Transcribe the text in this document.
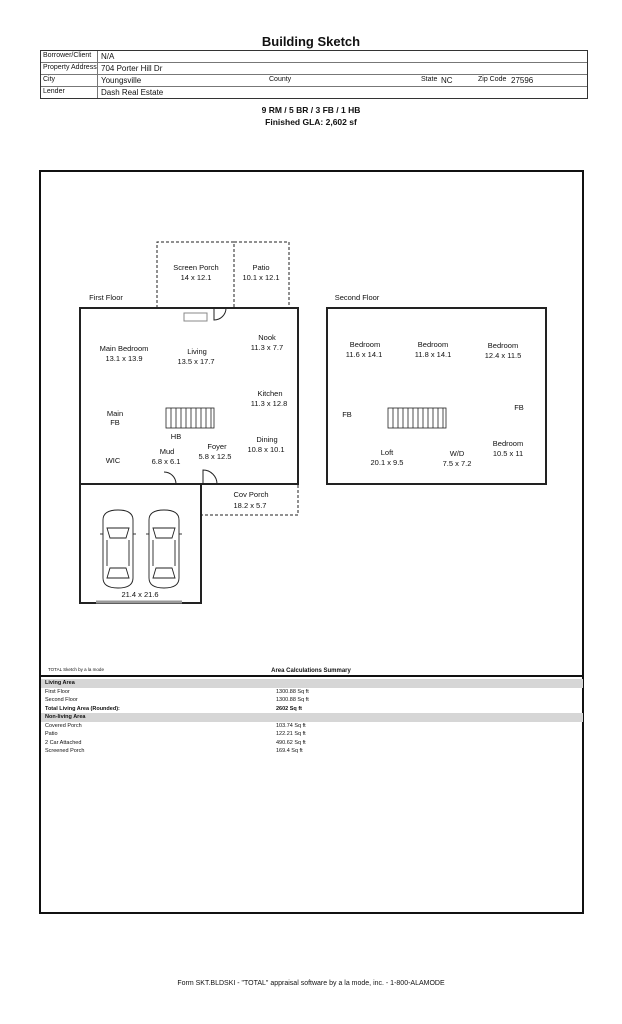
Building Sketch
Borrower/Client N/A
Property Address 704 Porter Hill Dr
City	Youngsville	County	State NC	Zip Code 27596
Lender	Dash Real Estate
9 RM / 5 BR / 3 FB / 1 HB
Finished GLA: 2,602 sf
First Floor	Second Floor
Screen Porch
14 x 12.1
Patio
10.1 x 12.1
Main Bedroom
13.1 x 13.9
Living
13.5 x 17.7
Nook
11.3 x 7.7
Kitchen
11.3 x 12.8
Main
FB
HB
Mud
6.8 x 6.1
Foyer
5.8 x 12.5
Dining
10.8 x 10.1
WIC
Cov Porch
18.2 x 5.7
21.4 x 21.6
Bedroom
11.6 x 14.1
Bedroom
11.8 x 14.1
Bedroom
12.4 x 11.5
FB
FB
Bedroom
10.5 x 11
Loft
20.1 x 9.5
W/D
7.5 x 7.2
TOTAL Sketch by a la mode	Area Calculations Summary
Living Area
First Floor	1300.88 Sq ft
Second Floor	1300.88 Sq ft
Total Living Area (Rounded):	2602 Sq ft
Non-living Area
Covered Porch	103.74 Sq ft
Patio	122.21 Sq ft
2 Car Attached	490.62 Sq ft
Screened Porch	169.4 Sq ft
Form SKT.BLDSKI - "TOTAL" appraisal software by a la mode, inc. - 1-800-ALAMODE
